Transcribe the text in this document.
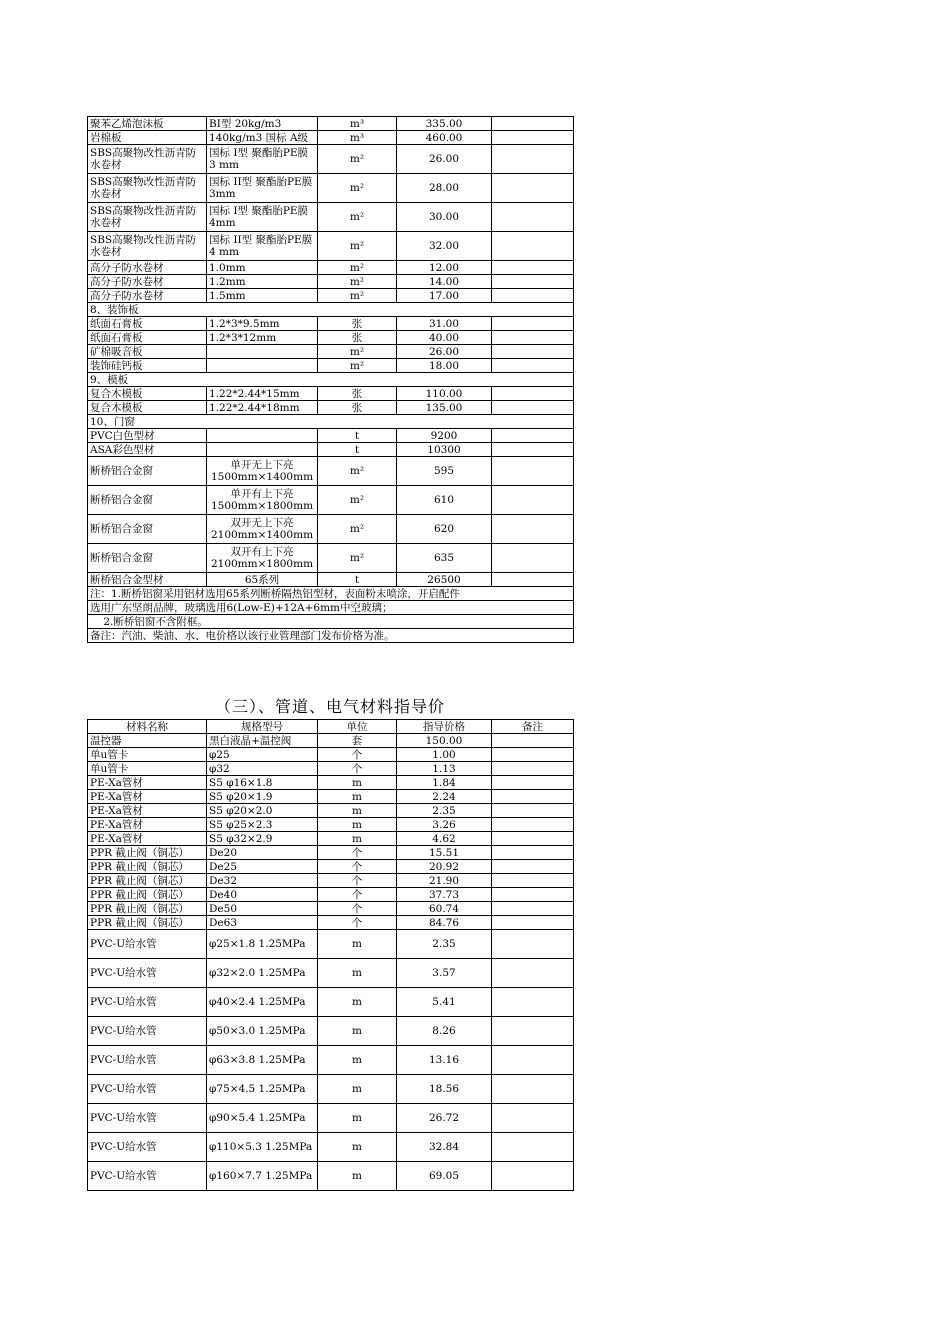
聚苯乙烯泡沫板	BI型 20kg/m3	m³	335.00	
岩棉板	140kg/m3 国标 A级	m³	460.00	
SBS高聚物改性沥青防水卷材	国标 I型 聚酯胎PE膜 3 mm	m²	26.00	
SBS高聚物改性沥青防水卷材	国标 II型 聚酯胎PE膜 3mm	m²	28.00	
SBS高聚物改性沥青防水卷材	国标 I型 聚酯胎PE膜 4mm	m²	30.00	
SBS高聚物改性沥青防水卷材	国标 II型 聚酯胎PE膜 4 mm	m²	32.00	
高分子防水卷材	1.0mm	m²	12.00	
高分子防水卷材	1.2mm	m²	14.00	
高分子防水卷材	1.5mm	m²	17.00	
8、装饰板				
纸面石膏板	1.2*3*9.5mm	张	31.00	
纸面石膏板	1.2*3*12mm	张	40.00	
矿棉吸音板		m²	26.00	
装饰硅钙板		m²	18.00	
9、模板				
复合木模板	1.22*2.44*15mm	张	110.00	
复合木模板	1.22*2.44*18mm	张	135.00	
10、门窗				
PVC白色型材		t	9200	
ASA彩色型材		t	10300	
断桥铝合金窗	单开无上下亮 1500mm×1400mm	m²	595	
断桥铝合金窗	单开有上下亮 1500mm×1800mm	m²	610	
断桥铝合金窗	双开无上下亮 2100mm×1400mm	m²	620	
断桥铝合金窗	双开有上下亮 2100mm×1800mm	m²	635	
断桥铝合金型材	65系列	t	26500	
注：1.断桥铝窗采用铝材选用65系列断桥隔热铝型材，表面粉末喷涂，开启配件				
选用广东坚朗品牌，玻璃选用6(Low-E)+12A+6mm中空玻璃；				
2.断桥铝窗不含附框。				
备注：汽油、柴油、水、电价格以该行业管理部门发布价格为准。				
（三）、管道、电气材料指导价
材料名称	规格型号	单位	指导价格	备注
温控器	黑白液晶+温控阀	套	150.00	
单u管卡	φ25	个	1.00	
单u管卡	φ32	个	1.13	
PE-Xa管材	S5 φ16×1.8	m	1.84	
PE-Xa管材	S5 φ20×1.9	m	2.24	
PE-Xa管材	S5 φ20×2.0	m	2.35	
PE-Xa管材	S5 φ25×2.3	m	3.26	
PE-Xa管材	S5 φ32×2.9	m	4.62	
PPR 截止阀（铜芯）	De20	个	15.51	
PPR 截止阀（铜芯）	De25	个	20.92	
PPR 截止阀（铜芯）	De32	个	21.90	
PPR 截止阀（铜芯）	De40	个	37.73	
PPR 截止阀（铜芯）	De50	个	60.74	
PPR 截止阀（铜芯）	De63	个	84.76	
PVC-U给水管	φ25×1.8 1.25MPa	m	2.35	
PVC-U给水管	φ32×2.0 1.25MPa	m	3.57	
PVC-U给水管	φ40×2.4 1.25MPa	m	5.41	
PVC-U给水管	φ50×3.0 1.25MPa	m	8.26	
PVC-U给水管	φ63×3.8 1.25MPa	m	13.16	
PVC-U给水管	φ75×4.5 1.25MPa	m	18.56	
PVC-U给水管	φ90×5.4 1.25MPa	m	26.72	
PVC-U给水管	φ110×5.3 1.25MPa	m	32.84	
PVC-U给水管	φ160×7.7 1.25MPa	m	69.05	
